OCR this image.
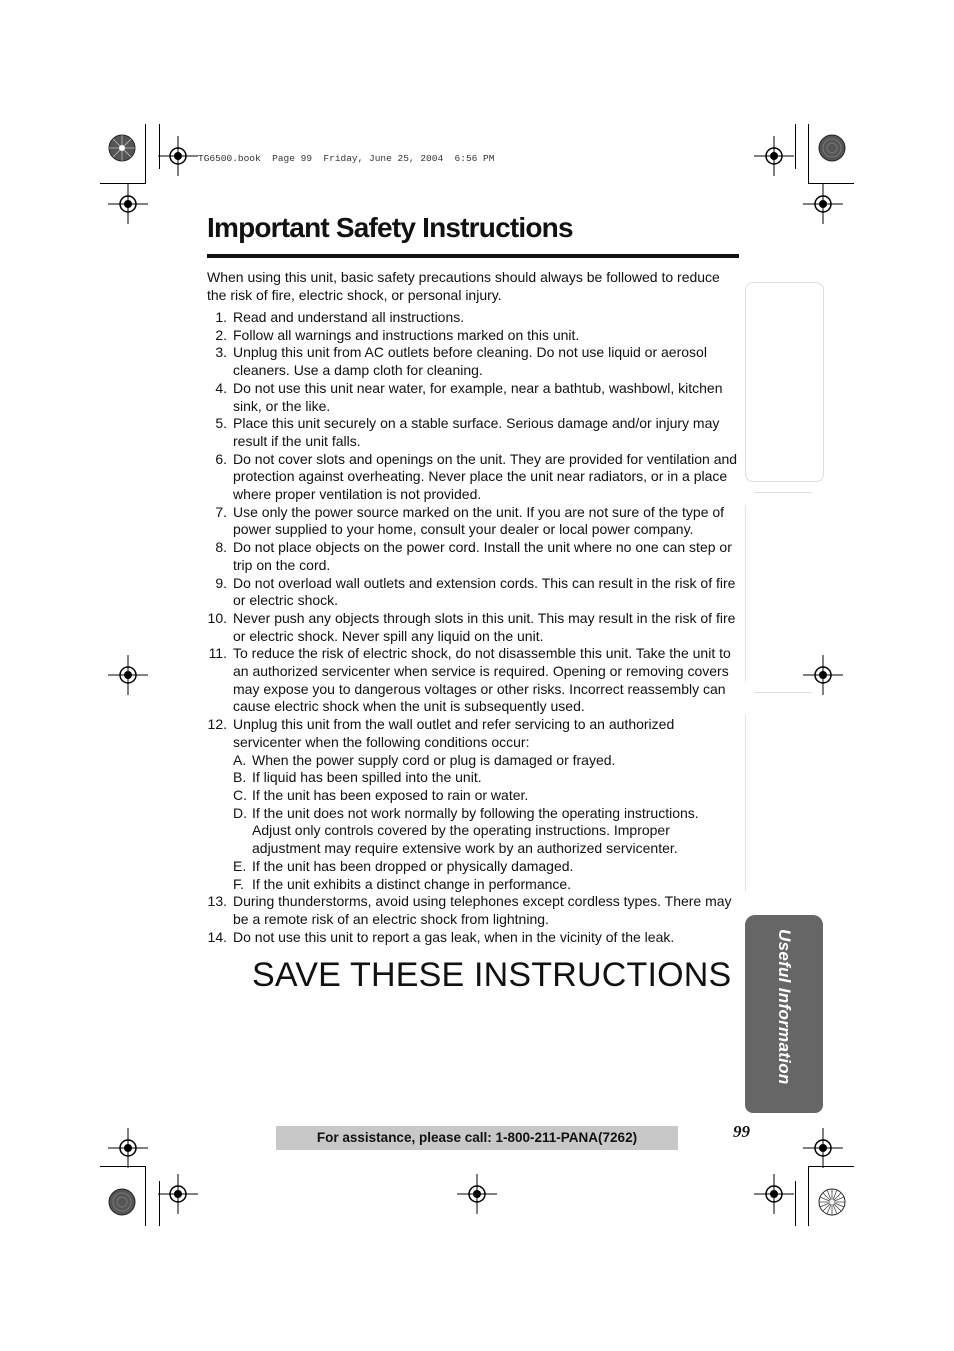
TG6500.book  Page 99  Friday, June 25, 2004  6:56 PM
Important Safety Instructions

When using this unit, basic safety precautions should always be followed to reduce the risk of fire, electric shock, or personal injury.

1. Read and understand all instructions.
2. Follow all warnings and instructions marked on this unit.
3. Unplug this unit from AC outlets before cleaning. Do not use liquid or aerosol cleaners. Use a damp cloth for cleaning.
4. Do not use this unit near water, for example, near a bathtub, washbowl, kitchen sink, or the like.
5. Place this unit securely on a stable surface. Serious damage and/or injury may result if the unit falls.
6. Do not cover slots and openings on the unit. They are provided for ventilation and protection against overheating. Never place the unit near radiators, or in a place where proper ventilation is not provided.
7. Use only the power source marked on the unit. If you are not sure of the type of power supplied to your home, consult your dealer or local power company.
8. Do not place objects on the power cord. Install the unit where no one can step or trip on the cord.
9. Do not overload wall outlets and extension cords. This can result in the risk of fire or electric shock.
10. Never push any objects through slots in this unit. This may result in the risk of fire or electric shock. Never spill any liquid on the unit.
11. To reduce the risk of electric shock, do not disassemble this unit. Take the unit to an authorized servicenter when service is required. Opening or removing covers may expose you to dangerous voltages or other risks. Incorrect reassembly can cause electric shock when the unit is subsequently used.
12. Unplug this unit from the wall outlet and refer servicing to an authorized servicenter when the following conditions occur:
A. When the power supply cord or plug is damaged or frayed.
B. If liquid has been spilled into the unit.
C. If the unit has been exposed to rain or water.
D. If the unit does not work normally by following the operating instructions. Adjust only controls covered by the operating instructions. Improper adjustment may require extensive work by an authorized servicenter.
E. If the unit has been dropped or physically damaged.
F. If the unit exhibits a distinct change in performance.
13. During thunderstorms, avoid using telephones except cordless types. There may be a remote risk of an electric shock from lightning.
14. Do not use this unit to report a gas leak, when in the vicinity of the leak.
SAVE THESE INSTRUCTIONS
For assistance, please call: 1-800-211-PANA(7262)	99
Useful Information
